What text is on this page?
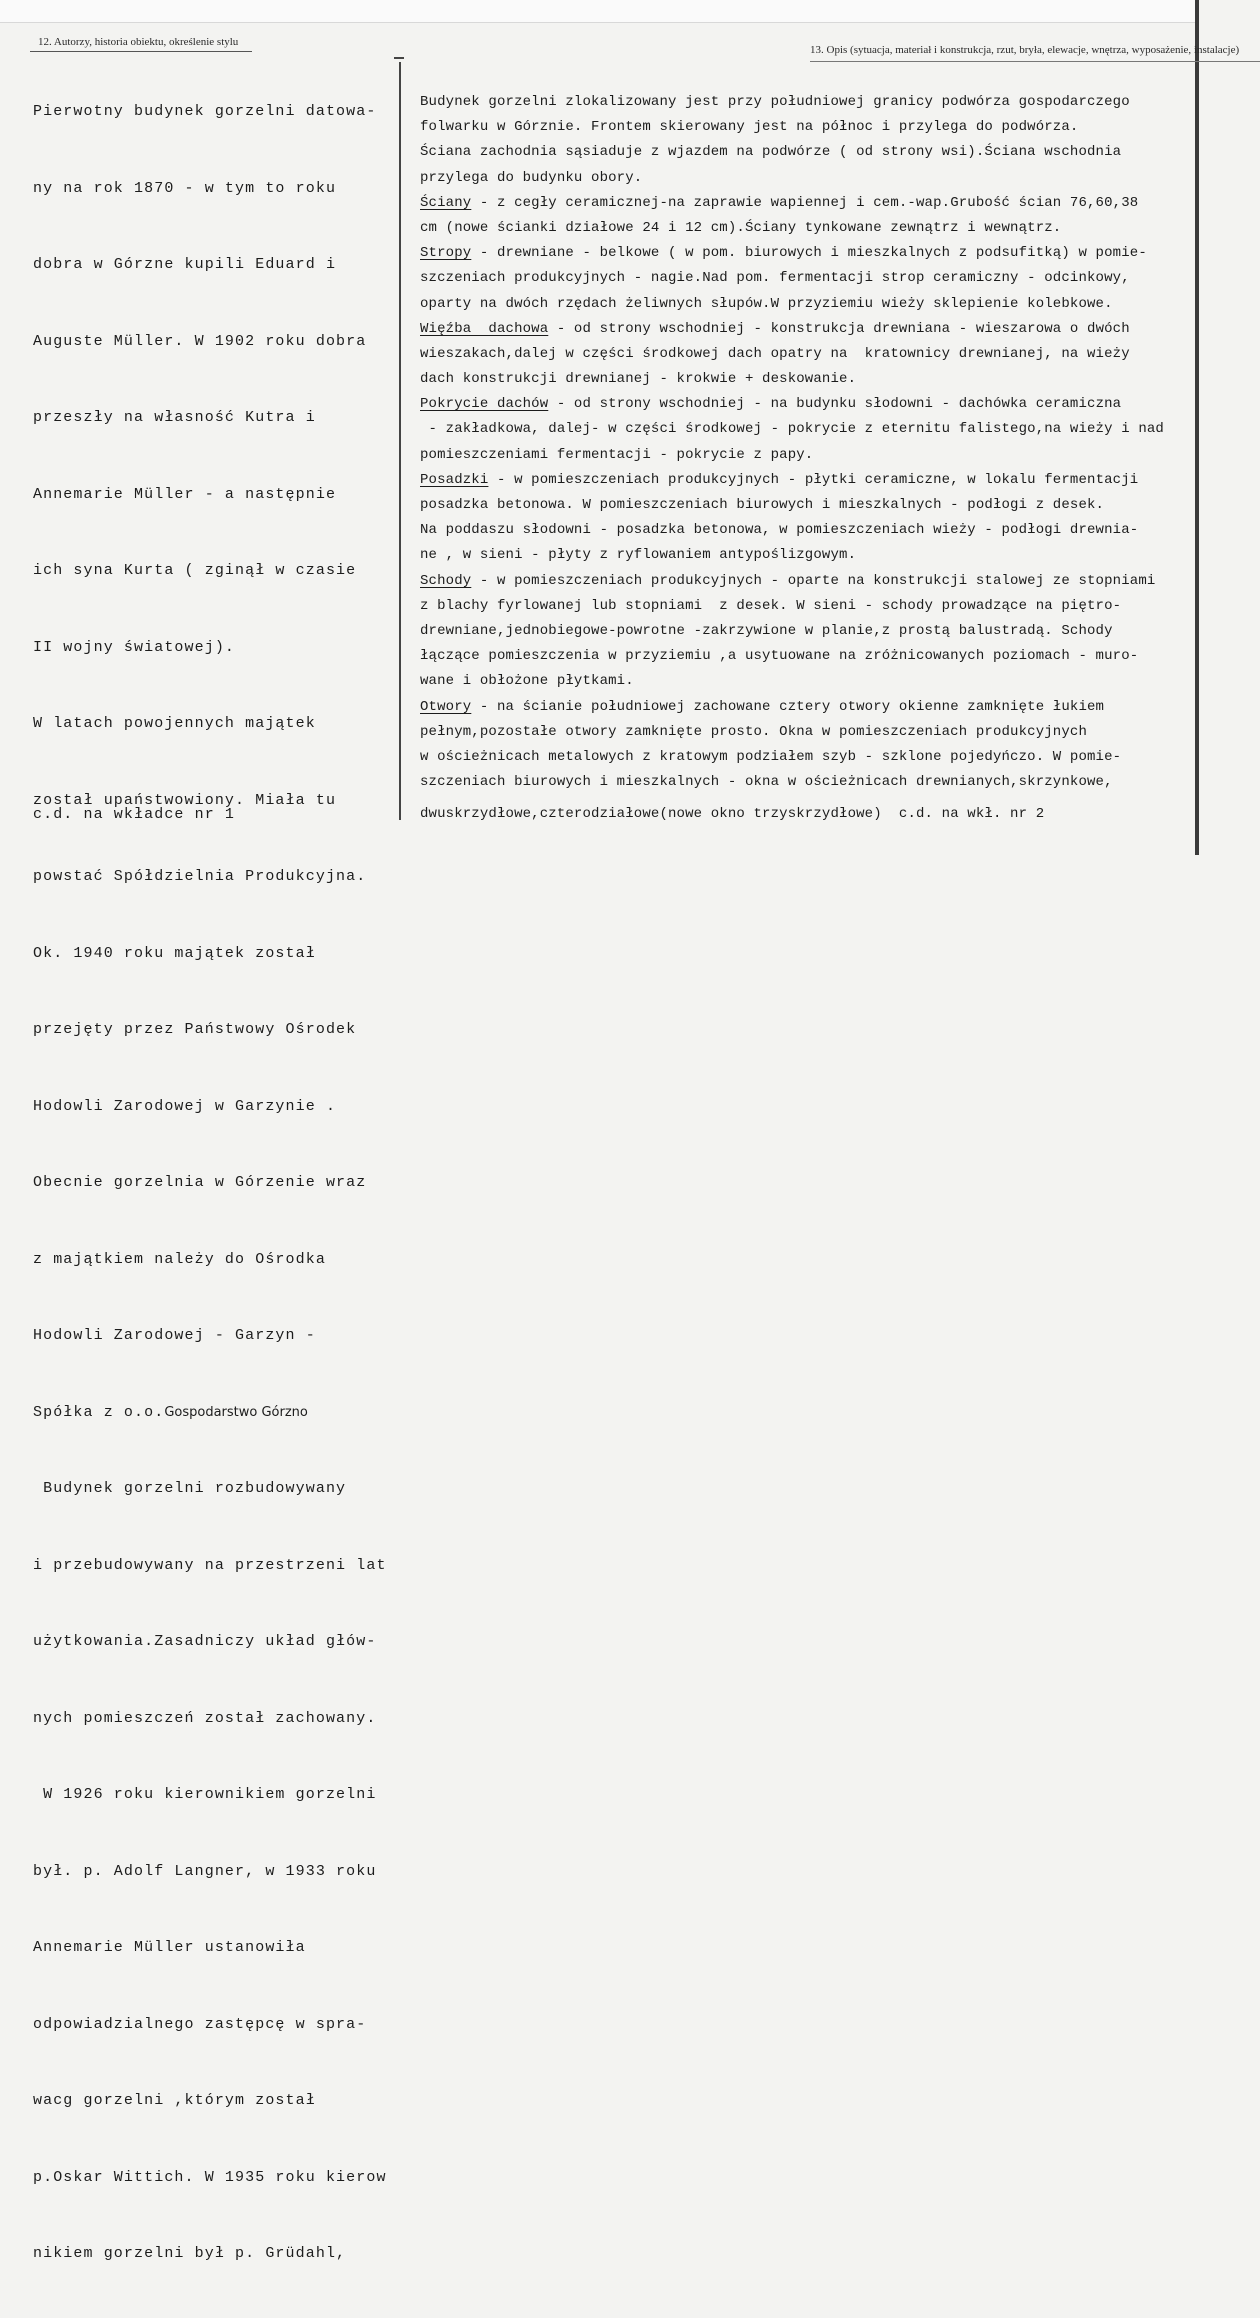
12. Autorzy, historia obiektu, określenie stylu

Pierwotny budynek gorzelni datowa-

ny na rok 1870 - w tym to roku

dobra w Górzne kupili Eduard i

Auguste Müller. W 1902 roku dobra

przeszły na własność Kutra i

Annemarie Müller - a następnie

ich syna Kurta ( zginął w czasie

II wojny światowej).

W latach powojennych majątek

został upaństwowiony. Miała tu

powstać Spółdzielnia Produkcyjna.

Ok. 1940 roku majątek został

przejęty przez Państwowy Ośrodek

Hodowli Zarodowej w Garzynie .

Obecnie gorzelnia w Górzenie wraz

z majątkiem należy do Ośrodka

Hodowli Zarodowej - Garzyn -

Spółka z o.o.Gospodarstwo Górzno

Budynek gorzelni rozbudowywany

i przebudowywany na przestrzeni lat

użytkowania.Zasadniczy układ głów-

nych pomieszczeń został zachowany.

W 1926 roku kierownikiem gorzelni

był. p. Adolf Langner, w 1933 roku

Annemarie Müller ustanowiła

odpowiadzialnego zastępcę w spra-

wacg gorzelni ,którym został

p.Oskar Wittich. W 1935 roku kierow

nikiem gorzelni był p. Grüdahl,

c.d. na wkładce nr 1
13. Opis (sytuacja, materiał i konstrukcja, rzut, bryła, elewacje, wnętrza, wyposażenie, instalacje)
Budynek gorzelni zlokalizowany jest przy południowej granicy podwórza gospodarczego
folwarku w Górznie. Frontem skierowany jest na północ i przylega do podwórza.
Ściana zachodnia sąsiaduje z wjazdem na podwórze ( od strony wsi).Ściana wschodnia
przylega do budynku obory.
Ściany - z cegły ceramicznej-na zaprawie wapiennej i cem.-wap.Grubość ścian 76,60,38
cm (nowe ścianki działowe 24 i 12 cm).Ściany tynkowane zewnątrz i wewnątrz.
Stropy - drewniane - belkowe ( w pom. biurowych i mieszkalnych z podsufitką) w pomie-
szczeniach produkcyjnych - nagie.Nad pom. fermentacji strop ceramiczny - odcinkowy,
oparty na dwóch rzędach żeliwnych słupów.W przyziemiu wieży sklepienie kolebkowe.
Więźba  dachowa - od strony wschodniej - konstrukcja drewniana - wieszarowa o dwóch
wieszakach,dalej w części środkowej dach opatry na  kratownicy drewnianej, na wieży
dach konstrukcji drewnianej - krokwie + deskowanie.
Pokrycie dachów - od strony wschodniej - na budynku słodowni - dachówka ceramiczna
- zakładkowa, dalej- w części środkowej - pokrycie z eternitu falistego,na wieży i nad
pomieszczeniami fermentacji - pokrycie z papy.
Posadzki - w pomieszczeniach produkcyjnych - płytki ceramiczne, w lokalu fermentacji
posadzka betonowa. W pomieszczeniach biurowych i mieszkalnych - podłogi z desek.
Na poddaszu słodowni - posadzka betonowa, w pomieszczeniach wieży - podłogi drewnia-
ne , w sieni - płyty z ryflowaniem antypoślizgowym.
Schody - w pomieszczeniach produkcyjnych - oparte na konstrukcji stalowej ze stopniami
z blachy fyrlowanej lub stopniami  z desek. W sieni - schody prowadzące na piętro-
drewniane,jednobiegowe-powrotne -zakrzywione w planie,z prostą balustradą. Schody
łączące pomieszczenia w przyziemiu ,a usytuowane na zróżnicowanych poziomach - muro-
wane i obłożone płytkami.
Otwory - na ścianie południowej zachowane cztery otwory okienne zamknięte łukiem
pełnym,pozostałe otwory zamknięte prosto. Okna w pomieszczeniach produkcyjnych
w ościeżnicach metalowych z kratowym podziałem szyb - szklone pojedyńczo. W pomie-
szczeniach biurowych i mieszkalnych - okna w ościeżnicach drewnianych,skrzynkowe,
dwuskrzydłowe,czterodziałowe(nowe okno trzyskrzydłowe) c.d. na wkł. nr 2
